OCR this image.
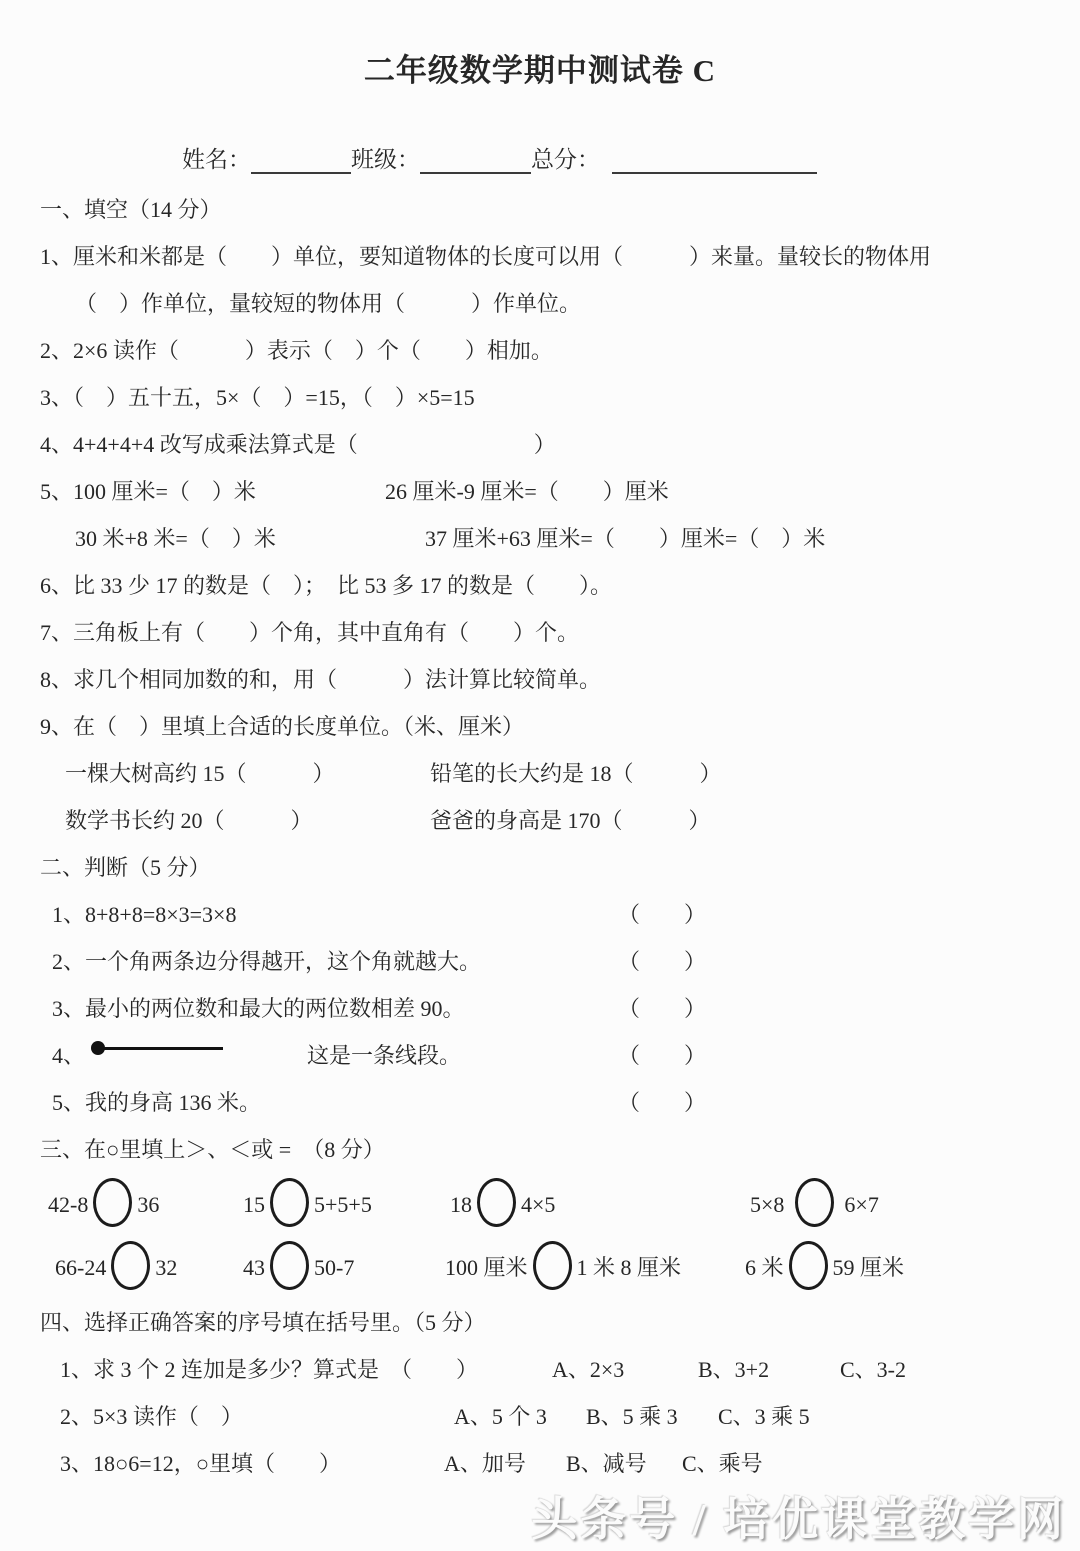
二年级数学期中测试卷 C
姓名：	班级：	总分：
一、填空（14 分）
1、厘米和米都是（　　）单位，要知道物体的长度可以用（　　　）来量。量较长的物体用
（　）作单位，量较短的物体用（　　　）作单位。
2、2×6 读作（　　　）表示（　）个（　　）相加。
3、（　）五十五，5×（　）=15，（　）×5=15
4、4+4+4+4 改写成乘法算式是（　　　　　　　　）
5、100 厘米=（　）米	26 厘米-9 厘米=（　　）厘米
30 米+8 米=（　）米	37 厘米+63 厘米=（　　）厘米=（　）米
6、比 33 少 17 的数是（　）；　比 53 多 17 的数是（　　）。
7、三角板上有（　　）个角，其中直角有（　　）个。
8、求几个相同加数的和，用（　　　）法计算比较简单。
9、在（　）里填上合适的长度单位。（米、厘米）
一棵大树高约 15（　　　）	铅笔的长大约是 18（　　　）
数学书长约 20（　　　）	爸爸的身高是 170（　　　）
二、判断（5 分）
1、8+8+8=8×3=3×8	（　　）
2、一个角两条边分得越开，这个角就越大。	（　　）
3、最小的两位数和最大的两位数相差 90。	（　　）
4、	这是一条线段。	（　　）
5、我的身高 136 米。	（　　）
三、在○里填上＞、＜或 =　（8 分）
42-8 36	15 5+5+5	18 4×5	5×8	6×7
66-24 32	43 50-7	100 厘米 1 米 8 厘米	6 米 59 厘米
四、选择正确答案的序号填在括号里。（5 分）
1、求 3 个 2 连加是多少？算式是　（　　）	A、2×3	B、3+2	C、3-2
2、5×3 读作（　）	A、5 个 3 B、5 乘 3 C、3 乘 5
3、18○6=12，○里填（　　）	A、加号 B、减号 C、乘号
头条号 / 培优课堂教学网
